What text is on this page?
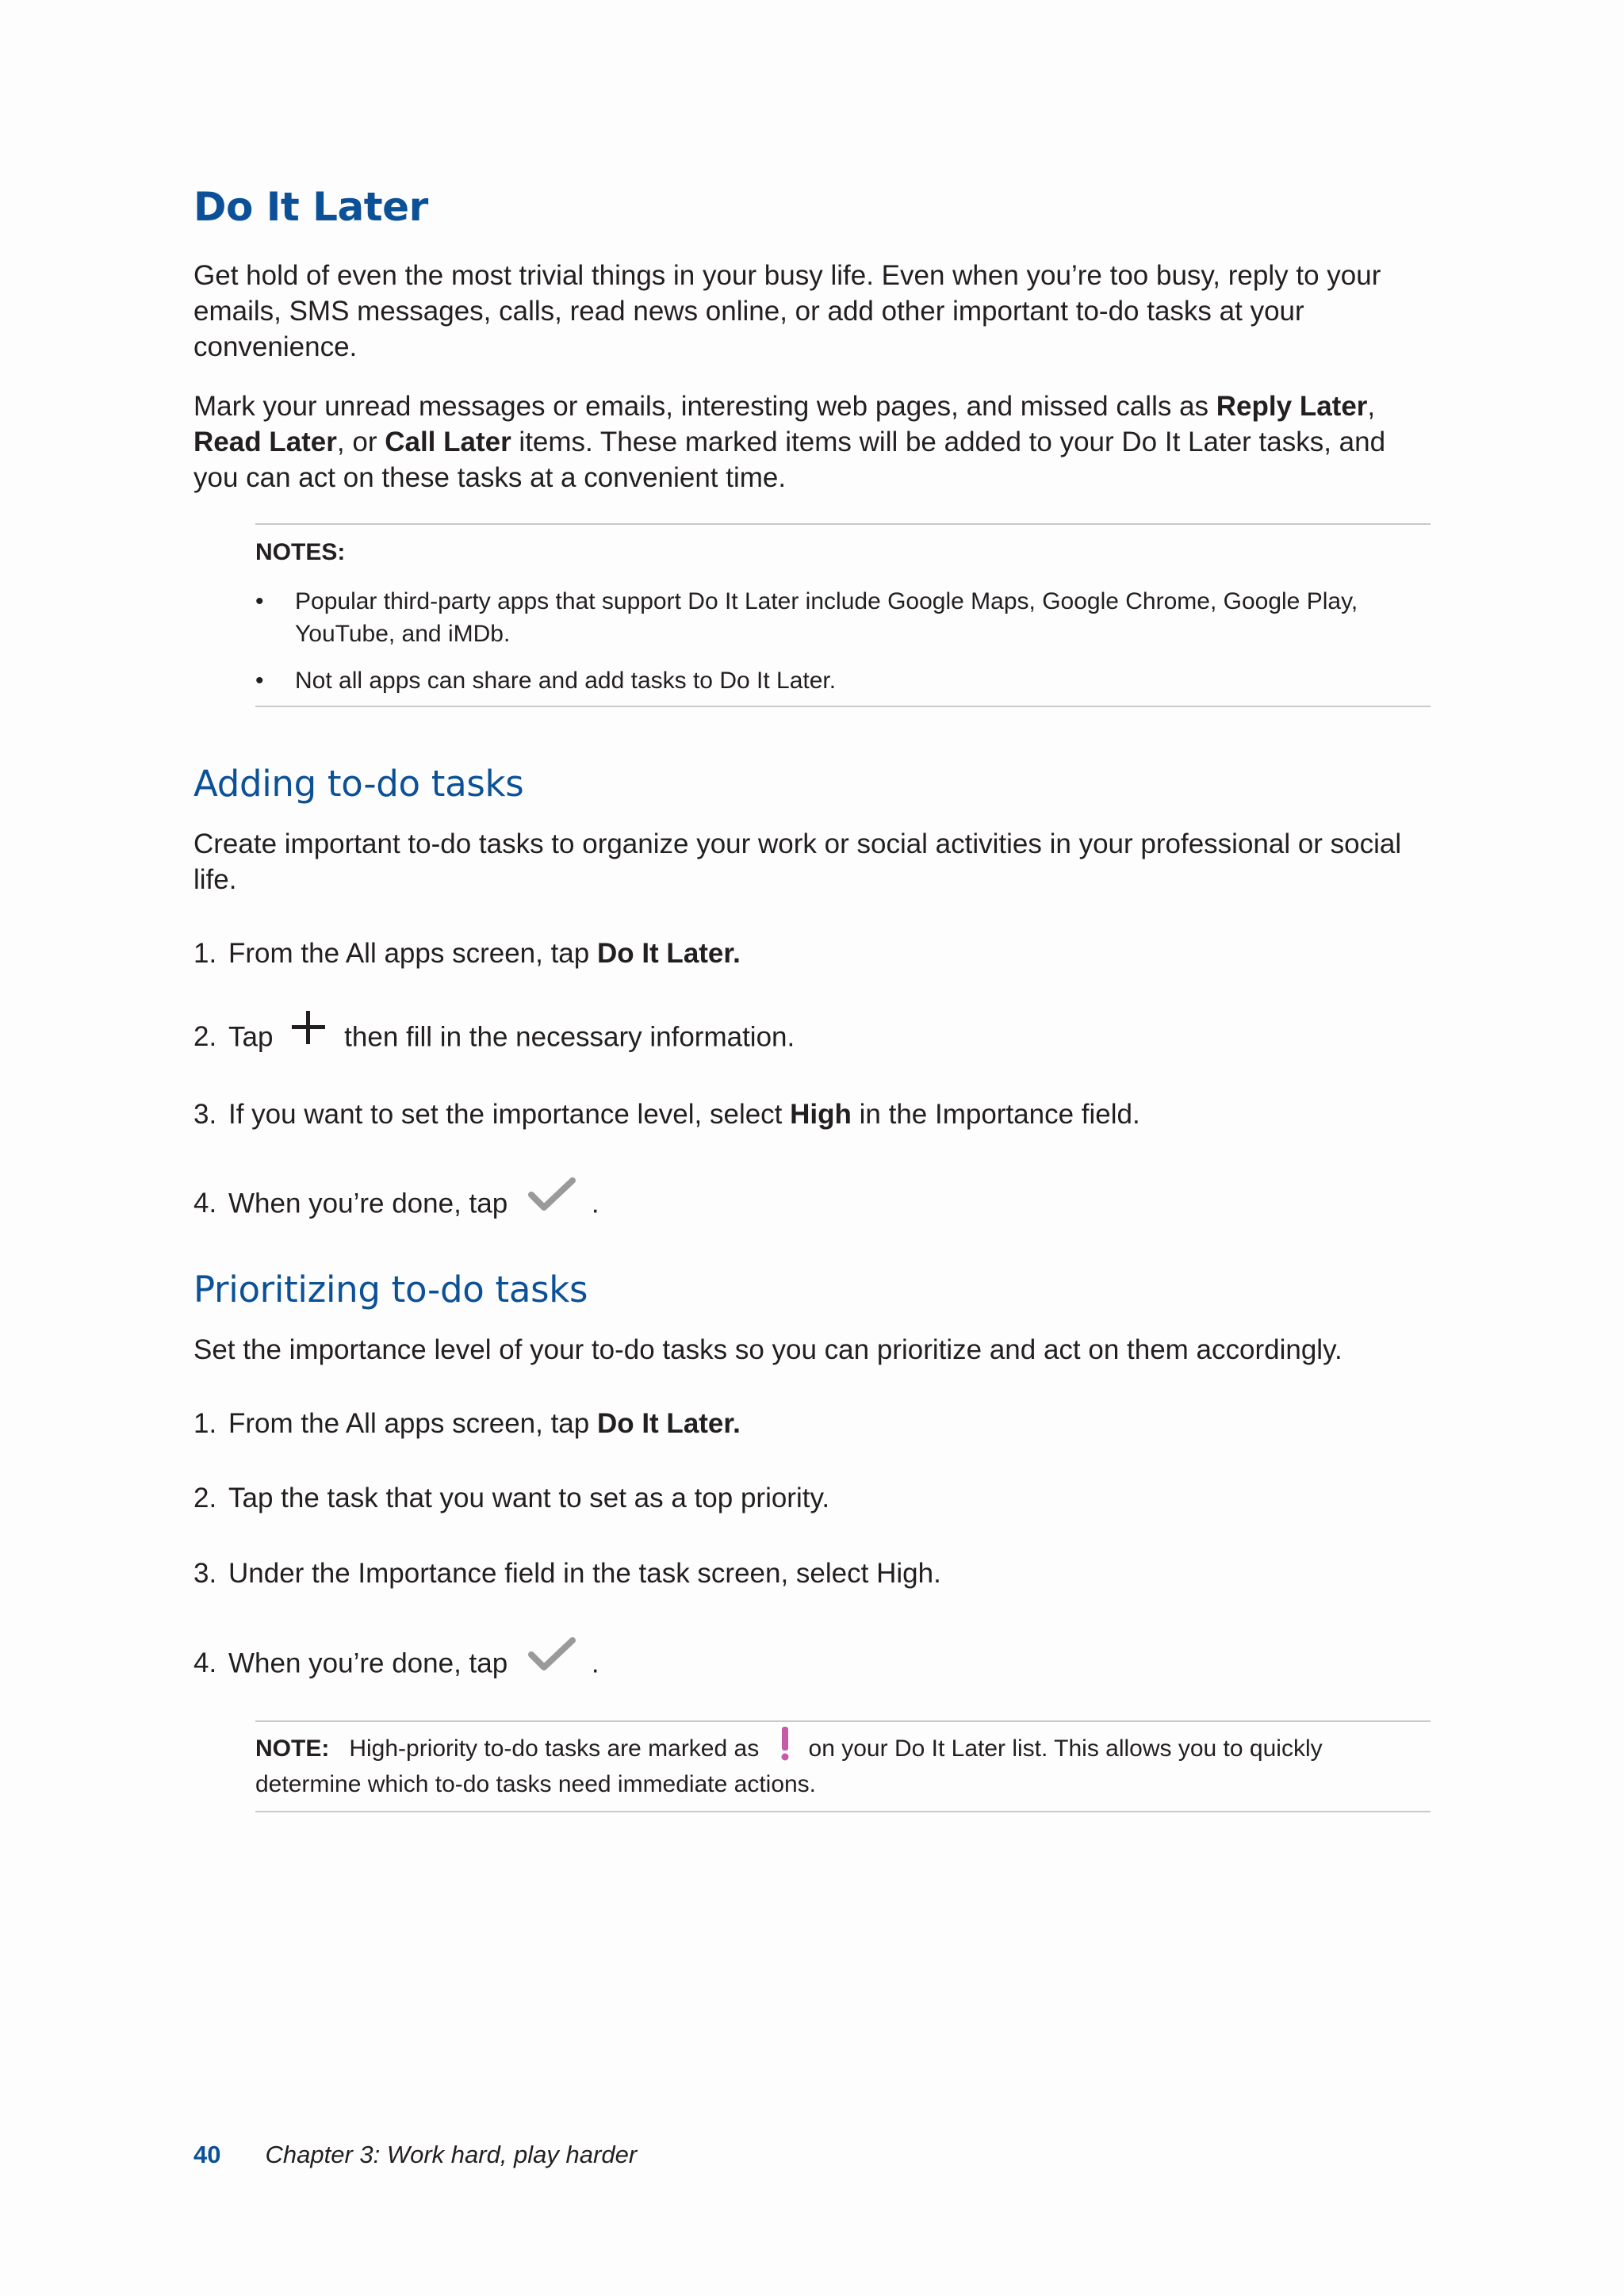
Do It Later

Get hold of even the most trivial things in your busy life. Even when you’re too busy, reply to your emails, SMS messages, calls, read news online, or add other important to-do tasks at your convenience.

Mark your unread messages or emails, interesting web pages, and missed calls as Reply Later, Read Later, or Call Later items. These marked items will be added to your Do It Later tasks, and you can act on these tasks at a convenient time.

NOTES:
• Popular third-party apps that support Do It Later include Google Maps, Google Chrome, Google Play, YouTube, and iMDb.
• Not all apps can share and add tasks to Do It Later.
Adding to-do tasks

Create important to-do tasks to organize your work or social activities in your professional or social life.

1. From the All apps screen, tap Do It Later.
2. Tap	then fill in the necessary information.
3. If you want to set the importance level, select High in the Importance field.
4. When you’re done, tap	.
Prioritizing to-do tasks

Set the importance level of your to-do tasks so you can prioritize and act on them accordingly.

1. From the All apps screen, tap Do It Later.
2. Tap the task that you want to set as a top priority.
3. Under the Importance field in the task screen, select High.
4. When you’re done, tap	.
NOTE: High-priority to-do tasks are marked as on your Do It Later list. This allows you to quickly determine which to-do tasks need immediate actions.
40 Chapter 3: Work hard, play harder
